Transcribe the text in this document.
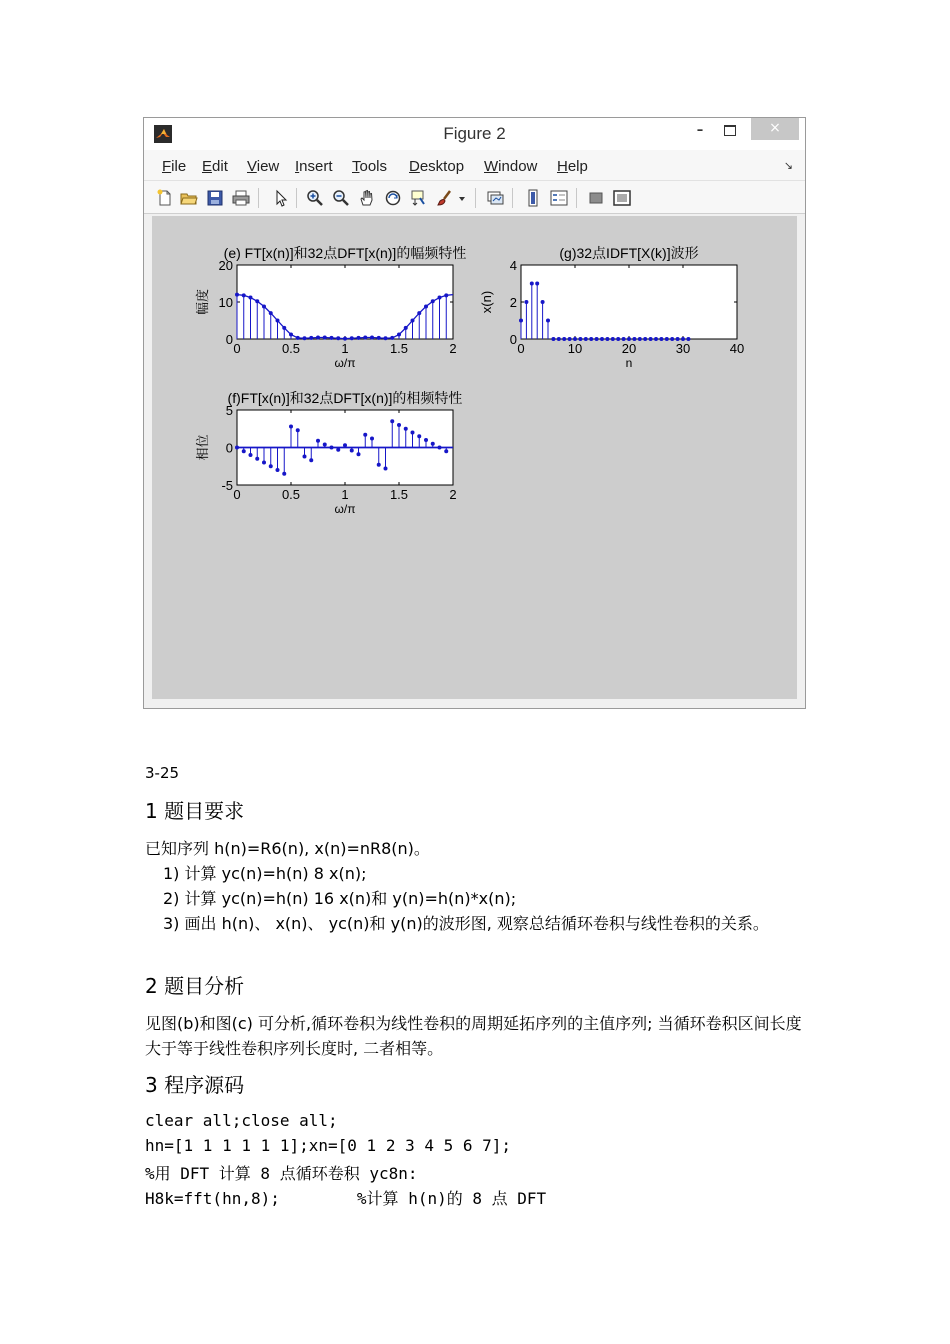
Figure 2	–	×
File Edit View Insert Tools Desktop Window Help	↘
(e) FT[x(n)]和32点DFT[x(n)]的幅频特性
ω/π
幅度
0	0.5	1	1.5	2
0
10
20
(g)32点IDFT[X(k)]波形
n
x(n)
0	10	20	30	40
0
2
4
(f)FT[x(n)]和32点DFT[x(n)]的相频特性
ω/π
相位
0	0.5	1	1.5	2
-5
0
5
3-25
1 题目要求
已知序列 h(n)=R6(n), x(n)=nR8(n)。
1) 计算 yc(n)=h(n) 8 x(n);
2) 计算 yc(n)=h(n) 16 x(n)和 y(n)=h(n)*x(n);
3) 画出 h(n)、 x(n)、 yc(n)和 y(n)的波形图, 观察总结循环卷积与线性卷积的关系。
2 题目分析
见图(b)和图(c) 可分析,循环卷积为线性卷积的周期延拓序列的主值序列; 当循环卷积区间长度大于等于线性卷积序列长度时, 二者相等。
3 程序源码
clear all;close all;
hn=[1 1 1 1 1 1];xn=[0 1 2 3 4 5 6 7];
%用 DFT 计算 8 点循环卷积 yc8n:
H8k=fft(hn,8);        %计算 h(n)的 8 点 DFT
